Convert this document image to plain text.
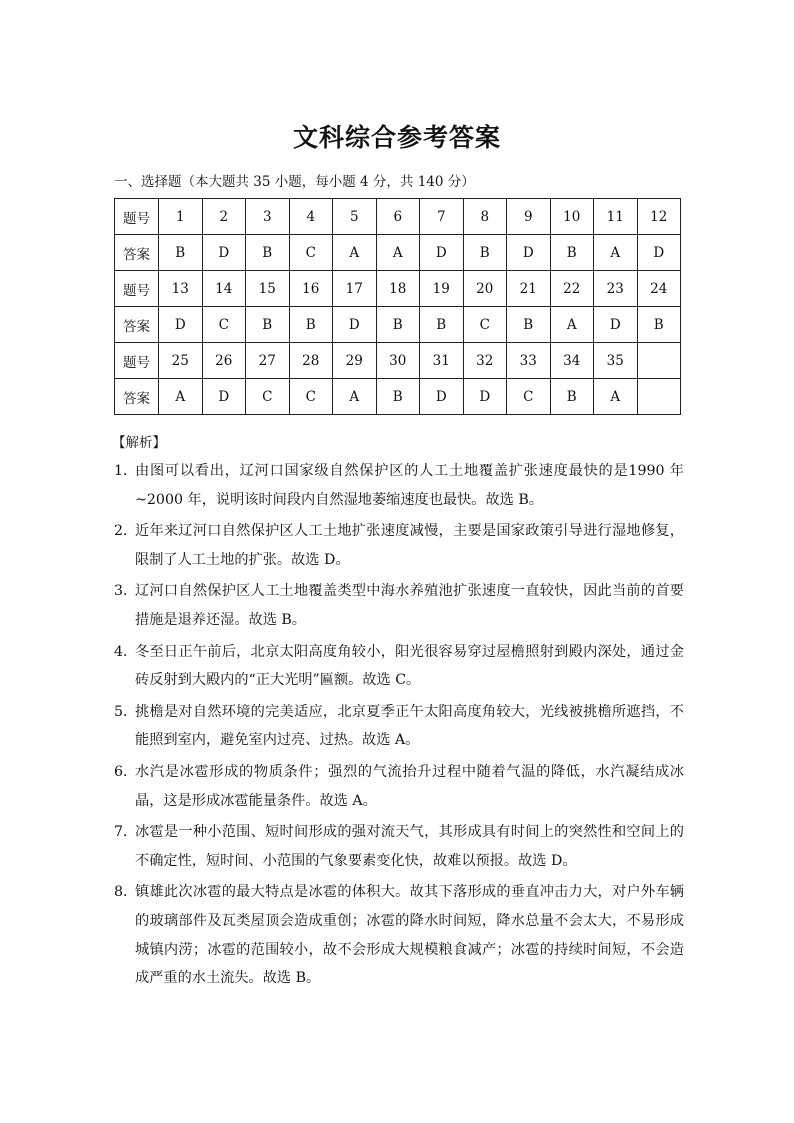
文科综合参考答案
一、选择题（本大题共 35 小题，每小题 4 分，共 140 分）
题号	1	2	3	4	5	6	7	8	9	10	11	12
答案	B	D	B	C	A	A	D	B	D	B	A	D
题号	13	14	15	16	17	18	19	20	21	22	23	24
答案	D	C	B	B	D	B	B	C	B	A	D	B
题号	25	26	27	28	29	30	31	32	33	34	35	
答案	A	D	C	C	A	B	D	D	C	B	A	
【解析】
1．
由图可以看出，辽河口国家级自然保护区的人工土地覆盖扩张速度最快的是1990 年~2000 年，说明该时间段内自然湿地萎缩速度也最快。故选 B。
2．
近年来辽河口自然保护区人工土地扩张速度减慢，主要是国家政策引导进行湿地修复，限制了人工土地的扩张。故选 D。
3．
辽河口自然保护区人工土地覆盖类型中海水养殖池扩张速度一直较快，因此当前的首要措施是退养还湿。故选 B。
4．
冬至日正午前后，北京太阳高度角较小，阳光很容易穿过屋檐照射到殿内深处，通过金砖反射到大殿内的“正大光明”匾额。故选 C。
5．
挑檐是对自然环境的完美适应，北京夏季正午太阳高度角较大，光线被挑檐所遮挡，不能照到室内，避免室内过亮、过热。故选 A。
6．
水汽是冰雹形成的物质条件；强烈的气流抬升过程中随着气温的降低，水汽凝结成冰晶，这是形成冰雹能量条件。故选 A。
7．
冰雹是一种小范围、短时间形成的强对流天气，其形成具有时间上的突然性和空间上的不确定性，短时间、小范围的气象要素变化快，故难以预报。故选 D。
8．
镇雄此次冰雹的最大特点是冰雹的体积大。故其下落形成的垂直冲击力大，对户外车辆的玻璃部件及瓦类屋顶会造成重创；冰雹的降水时间短，降水总量不会太大，不易形成城镇内涝；冰雹的范围较小，故不会形成大规模粮食减产；冰雹的持续时间短，不会造成严重的水土流失。故选 B。
